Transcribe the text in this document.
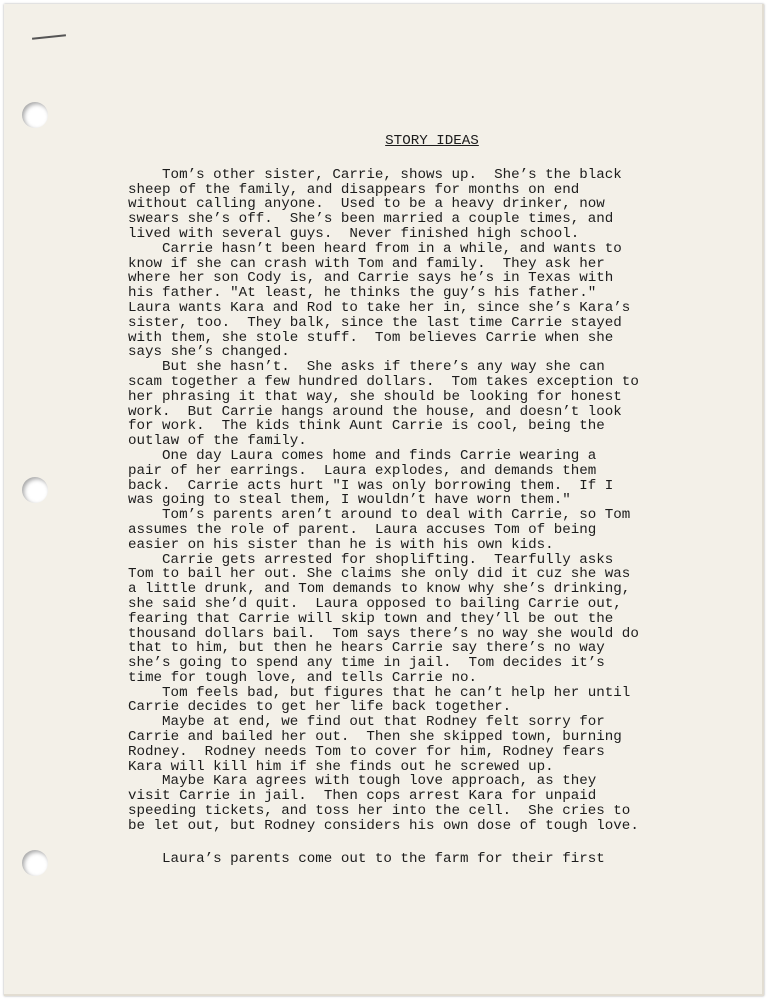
STORY IDEAS

Tom’s other sister, Carrie, shows up.  She’s the black
sheep of the family, and disappears for months on end
without calling anyone.  Used to be a heavy drinker, now
swears she’s off.  She’s been married a couple times, and
lived with several guys.  Never finished high school.

Carrie hasn’t been heard from in a while, and wants to
know if she can crash with Tom and family.  They ask her
where her son Cody is, and Carrie says he’s in Texas with
his father. "At least, he thinks the guy’s his father."
Laura wants Kara and Rod to take her in, since she’s Kara’s
sister, too.  They balk, since the last time Carrie stayed
with them, she stole stuff.  Tom believes Carrie when she
says she’s changed.

But she hasn’t.  She asks if there’s any way she can
scam together a few hundred dollars.  Tom takes exception to
her phrasing it that way, she should be looking for honest
work.  But Carrie hangs around the house, and doesn’t look
for work.  The kids think Aunt Carrie is cool, being the
outlaw of the family.

One day Laura comes home and finds Carrie wearing a
pair of her earrings.  Laura explodes, and demands them
back.  Carrie acts hurt "I was only borrowing them.  If I
was going to steal them, I wouldn’t have worn them."

Tom’s parents aren’t around to deal with Carrie, so Tom
assumes the role of parent.  Laura accuses Tom of being
easier on his sister than he is with his own kids.

Carrie gets arrested for shoplifting.  Tearfully asks
Tom to bail her out. She claims she only did it cuz she was
a little drunk, and Tom demands to know why she’s drinking,
she said she’d quit.  Laura opposed to bailing Carrie out,
fearing that Carrie will skip town and they’ll be out the
thousand dollars bail.  Tom says there’s no way she would do
that to him, but then he hears Carrie say there’s no way
she’s going to spend any time in jail.  Tom decides it’s
time for tough love, and tells Carrie no.

Tom feels bad, but figures that he can’t help her until
Carrie decides to get her life back together.

Maybe at end, we find out that Rodney felt sorry for
Carrie and bailed her out.  Then she skipped town, burning
Rodney.  Rodney needs Tom to cover for him, Rodney fears
Kara will kill him if she finds out he screwed up.

Maybe Kara agrees with tough love approach, as they
visit Carrie in jail.  Then cops arrest Kara for unpaid
speeding tickets, and toss her into the cell.  She cries to
be let out, but Rodney considers his own dose of tough love.

Laura’s parents come out to the farm for their first
